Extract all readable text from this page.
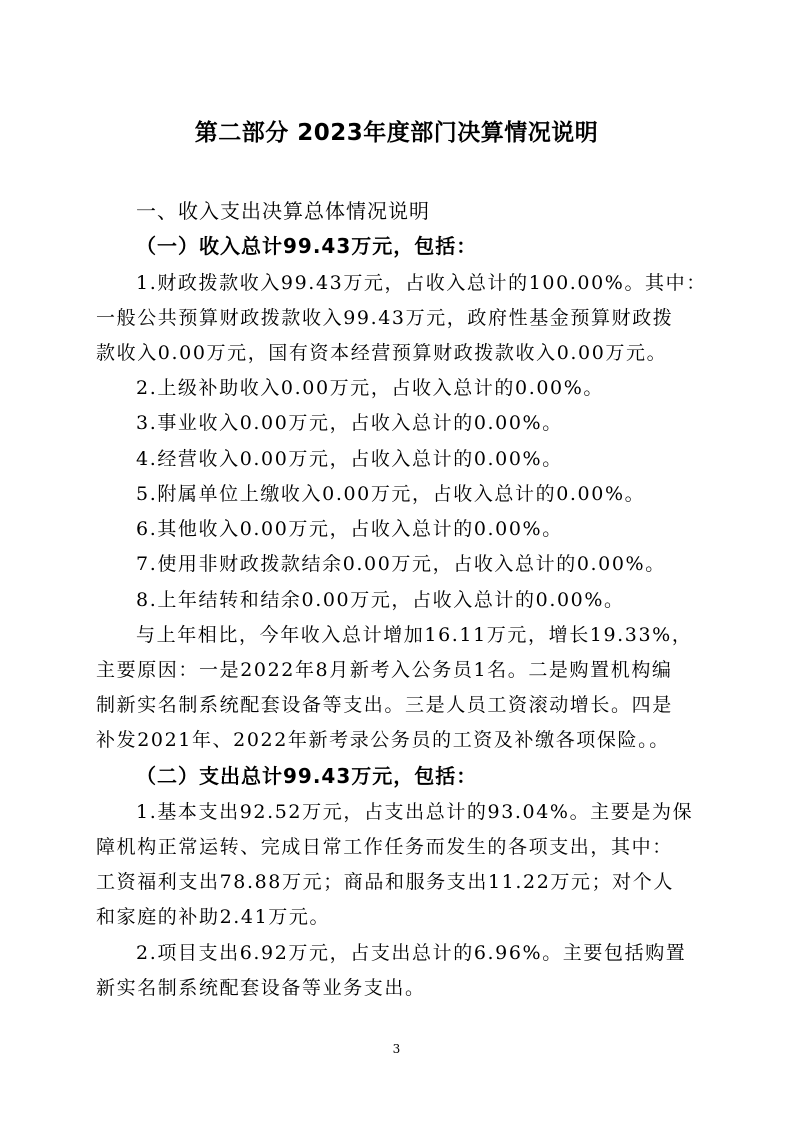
第二部分 2023年度部门决算情况说明
一、收入支出决算总体情况说明
（一）收入总计99.43万元，包括：
1.财政拨款收入99.43万元，占收入总计的100.00%。其中：
一般公共预算财政拨款收入99.43万元，政府性基金预算财政拨
款收入0.00万元，国有资本经营预算财政拨款收入0.00万元。
2.上级补助收入0.00万元，占收入总计的0.00%。
3.事业收入0.00万元，占收入总计的0.00%。
4.经营收入0.00万元，占收入总计的0.00%。
5.附属单位上缴收入0.00万元，占收入总计的0.00%。
6.其他收入0.00万元，占收入总计的0.00%。
7.使用非财政拨款结余0.00万元，占收入总计的0.00%。
8.上年结转和结余0.00万元，占收入总计的0.00%。
与上年相比，今年收入总计增加16.11万元，增长19.33%，
主要原因：一是2022年8月新考入公务员1名。二是购置机构编
制新实名制系统配套设备等支出。三是人员工资滚动增长。四是
补发2021年、2022年新考录公务员的工资及补缴各项保险。。
（二）支出总计99.43万元，包括：
1.基本支出92.52万元，占支出总计的93.04%。主要是为保
障机构正常运转、完成日常工作任务而发生的各项支出，其中：
工资福利支出78.88万元；商品和服务支出11.22万元；对个人
和家庭的补助2.41万元。
2.项目支出6.92万元，占支出总计的6.96%。主要包括购置
新实名制系统配套设备等业务支出。
3
